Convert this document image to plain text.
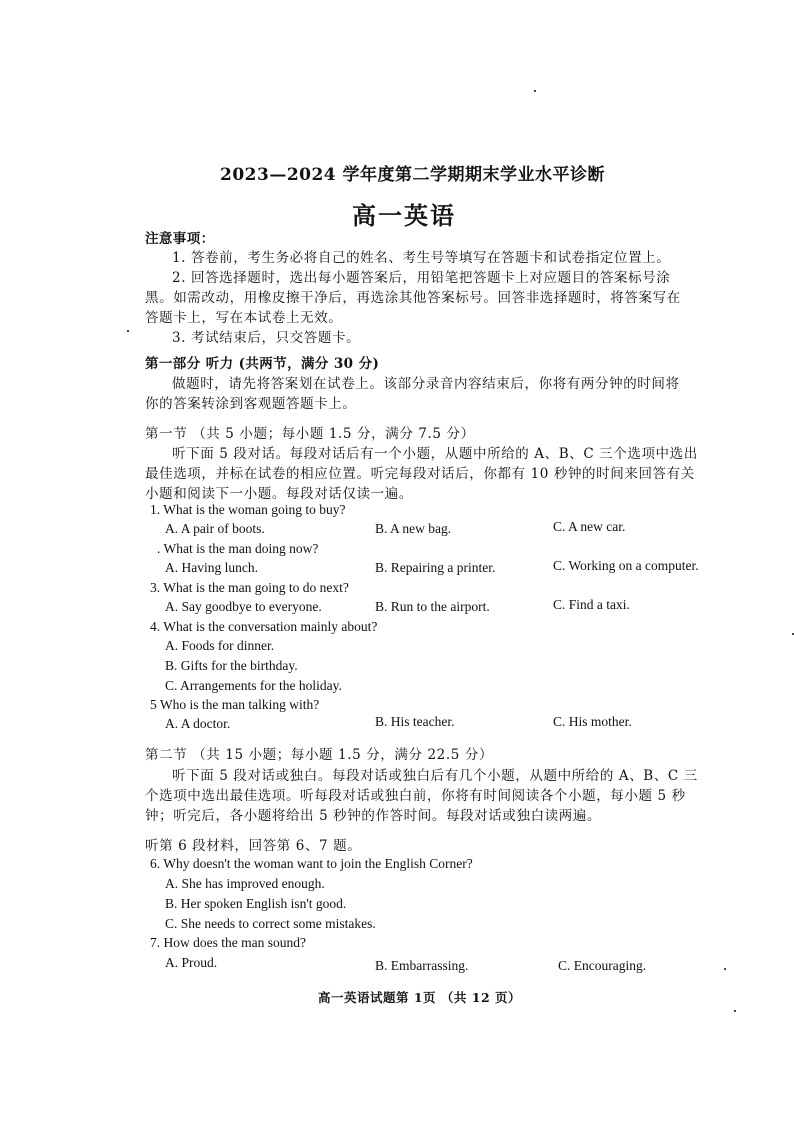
2023—2024 学年度第二学期期末学业水平诊断
高一英语
注意事项：
1. 答卷前，考生务必将自己的姓名、考生号等填写在答题卡和试卷指定位置上。
2. 回答选择题时，选出每小题答案后，用铅笔把答题卡上对应题目的答案标号涂
黑。如需改动，用橡皮擦干净后，再选涂其他答案标号。回答非选择题时，将答案写在
答题卡上，写在本试卷上无效。
3. 考试结束后，只交答题卡。
第一部分 听力 (共两节，满分 30 分)
做题时，请先将答案划在试卷上。该部分录音内容结束后，你将有两分钟的时间将
你的答案转涂到客观题答题卡上。
第一节 （共 5 小题；每小题 1.5 分，满分 7.5 分）
听下面 5 段对话。每段对话后有一个小题，从题中所给的 A、B、C 三个选项中选出
最佳选项，并标在试卷的相应位置。听完每段对话后，你都有 10 秒钟的时间来回答有关
小题和阅读下一小题。每段对话仅读一遍。
1. What is the woman going to buy?
A. A pair of boots.	B. A new bag.	C. A new car.
. What is the man doing now?
A. Having lunch.	B. Repairing a printer.	C. Working on a computer.
3. What is the man going to do next?
A. Say goodbye to everyone.	B. Run to the airport.	C. Find a taxi.
4. What is the conversation mainly about?
A. Foods for dinner.
B. Gifts for the birthday.
C. Arrangements for the holiday.
5 Who is the man talking with?
A. A doctor.	B. His teacher.	C. His mother.
第二节 （共 15 小题；每小题 1.5 分，满分 22.5 分）
听下面 5 段对话或独白。每段对话或独白后有几个小题，从题中所给的 A、B、C 三
个选项中选出最佳选项。听每段对话或独白前，你将有时间阅读各个小题，每小题 5 秒
钟；听完后，各小题将给出 5 秒钟的作答时间。每段对话或独白读两遍。
听第 6 段材料，回答第 6、7 题。
6. Why doesn't the woman want to join the English Corner?
A. She has improved enough.
B. Her spoken English isn't good.
C. She needs to correct some mistakes.
7. How does the man sound?
A. Proud.	B. Embarrassing.	C. Encouraging.
高一英语试题第 1页 （共 12 页）
